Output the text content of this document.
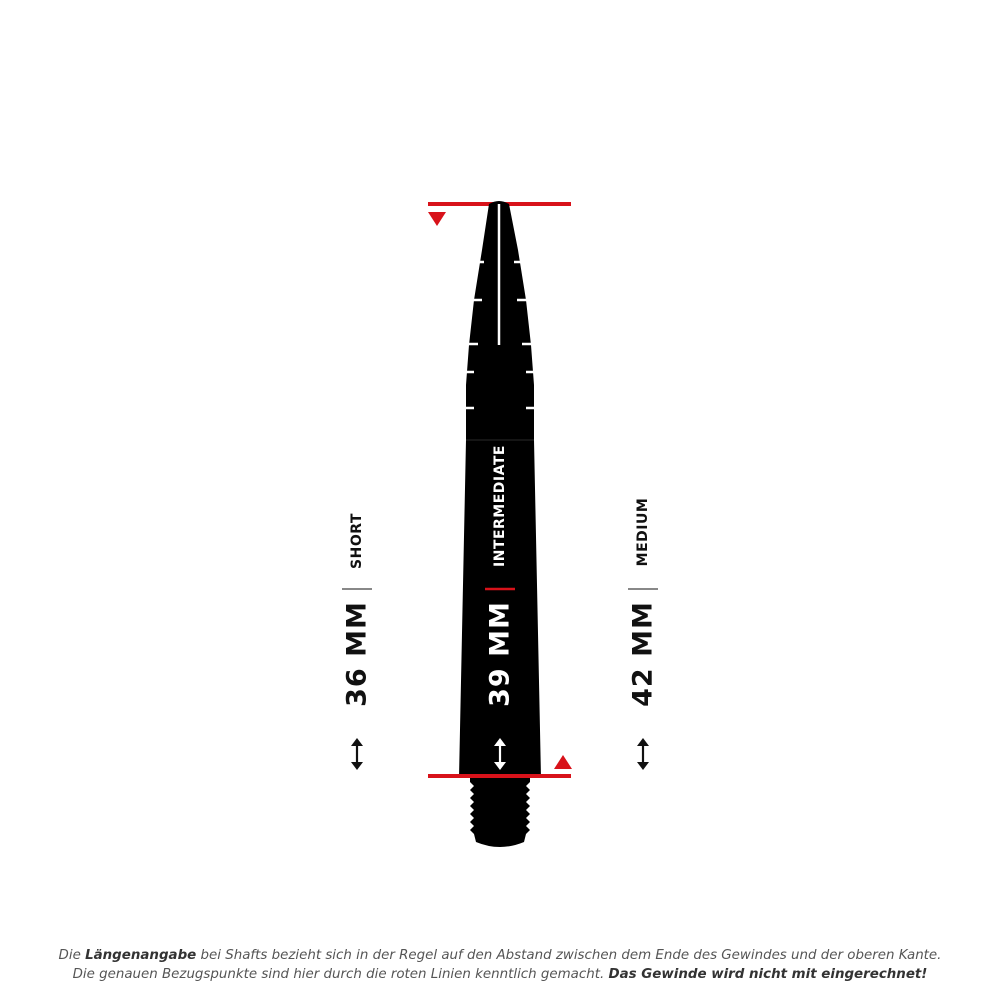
SHORT
36 MM
INTERMEDIATE
39 MM
MEDIUM
42 MM
Die Längenangabe bei Shafts bezieht sich in der Regel auf den Abstand zwischen dem Ende des Gewindes und der oberen Kante.
Die genauen Bezugspunkte sind hier durch die roten Linien kenntlich gemacht. Das Gewinde wird nicht mit eingerechnet!
